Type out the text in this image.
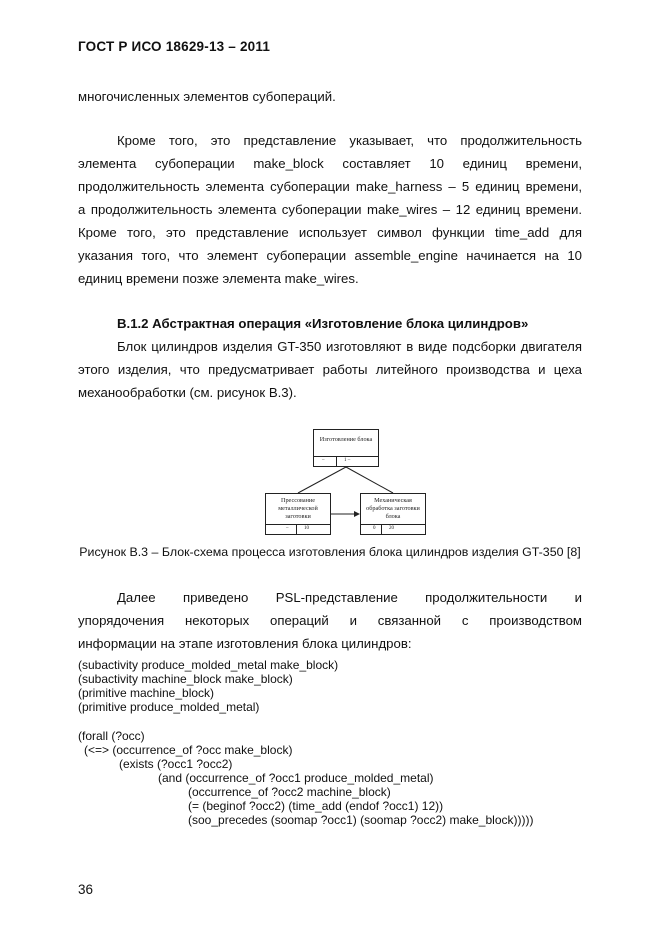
ГОСТ Р ИСО 18629-13 – 2011
многочисленных элементов субопераций.
Кроме того, это представление указывает, что продолжительность
элемента субоперации make_block составляет 10 единиц времени,
продолжительность элемента субоперации make_harness – 5 единиц времени,
а продолжительность элемента субоперации make_wires – 12 единиц времени.
Кроме того, это представление использует символ функции time_add для
указания того, что элемент субоперации assemble_engine начинается на 10
единиц времени позже элемента make_wires.
В.1.2 Абстрактная операция «Изготовление блока цилиндров»
Блок цилиндров изделия GT-350 изготовляют в виде подсборки двигателя
этого изделия, что предусматривает работы литейного производства и цеха
механообработки (см. рисунок В.3).
Изготовление блока
–	1 –
Прессование металлической заготовки
–	10
Механическая обработка заготовки блока
0	20
Рисунок В.3 – Блок-схема процесса изготовления блока цилиндров изделия GT-350 [8]
Далее приведено PSL-представление продолжительности и
упорядочения некоторых операций и связанной с производством
информации на этапе изготовления блока цилиндров:
(subactivity produce_molded_metal make_block)
(subactivity machine_block make_block)
(primitive machine_block)
(primitive produce_molded_metal)
(forall (?occ)
(<=> (occurrence_of ?occ make_block)
(exists (?occ1 ?occ2)
(and (occurrence_of ?occ1 produce_molded_metal)
(occurrence_of ?occ2 machine_block)
(= (beginof ?occ2) (time_add (endof ?occ1) 12))
(soo_precedes (soomap ?occ1) (soomap ?occ2) make_block)))))
36
